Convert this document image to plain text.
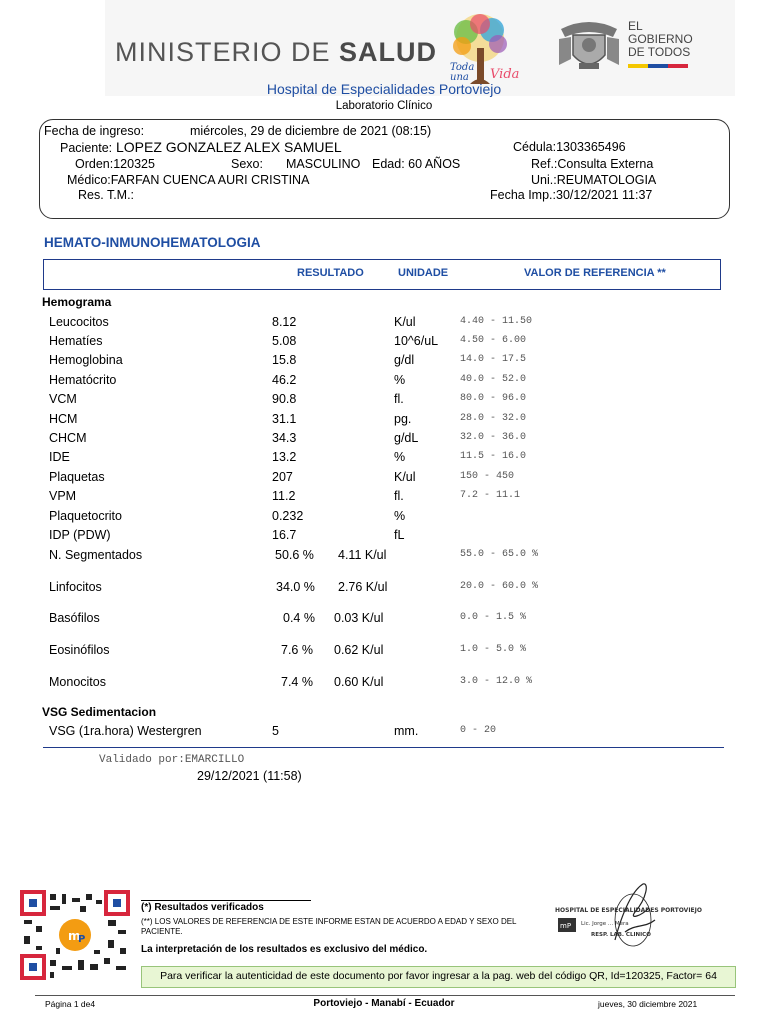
MINISTERIO DE SALUD
Toda
una Vida
EL
GOBIERNO
DE TODOS
Hospital de Especialidades Portoviejo
Laboratorio Clínico
Fecha de ingreso:	miércoles, 29 de diciembre de 2021 (08:15)
Paciente: LOPEZ GONZALEZ ALEX SAMUEL	Cédula:1303365496
Orden:120325	Sexo: MASCULINO Edad: 60 AÑOS	Ref.:Consulta Externa
Médico:FARFAN CUENCA AURI CRISTINA	Uni.:REUMATOLOGIA
Res. T.M.:	Fecha Imp.:30/12/2021 11:37
HEMATO-INMUNOHEMATOLOGIA
RESULTADO	UNIDADE	VALOR DE REFERENCIA **
Hemograma
Leucocitos	8.12	K/ul	4.40 - 11.50
Hematíes	5.08	10^6/uL 4.50 - 6.00
Hemoglobina	15.8	g/dl	14.0 - 17.5
Hematócrito	46.2	%	40.0 - 52.0
VCM	90.8	fl.	80.0 - 96.0
HCM	31.1	pg.	28.0 - 32.0
CHCM	34.3	g/dL	32.0 - 36.0
IDE	13.2	%	11.5 - 16.0
Plaquetas	207	K/ul	150 - 450
VPM	11.2	fl.	7.2 - 11.1
Plaquetocrito	0.232	%
IDP (PDW)	16.7	fL
N. Segmentados	50.6 % 4.11 K/ul	55.0 - 65.0 %
Linfocitos	34.0 % 2.76 K/ul	20.0 - 60.0 %
Basófilos	0.4 % 0.03 K/ul	0.0 - 1.5 %
Eosinófilos	7.6 % 0.62 K/ul	1.0 - 5.0 %
Monocitos	7.4 % 0.60 K/ul	3.0 - 12.0 %
VSG Sedimentacion
VSG (1ra.hora) Westergren	5	mm.	0 - 20
Validado por:EMARCILLO
29/12/2021 (11:58)
m
P
(*) Resultados verificados
(**) LOS VALORES DE REFERENCIA DE ESTE INFORME ESTAN DE ACUERDO A EDAD Y SEXO DEL PACIENTE.
La interpretación de los resultados es exclusivo del médico.
HOSPITAL DE ESPECIALIDADES PORTOVIEJO
mP Lic. Jorge ... Mera
RESP. LAB. CLINICO
Para verificar la autenticidad de este documento por favor ingresar a la pag. web del código QR, Id=120325, Factor= 64
Página 1 de4	Portoviejo - Manabí - Ecuador	jueves, 30 diciembre 2021
